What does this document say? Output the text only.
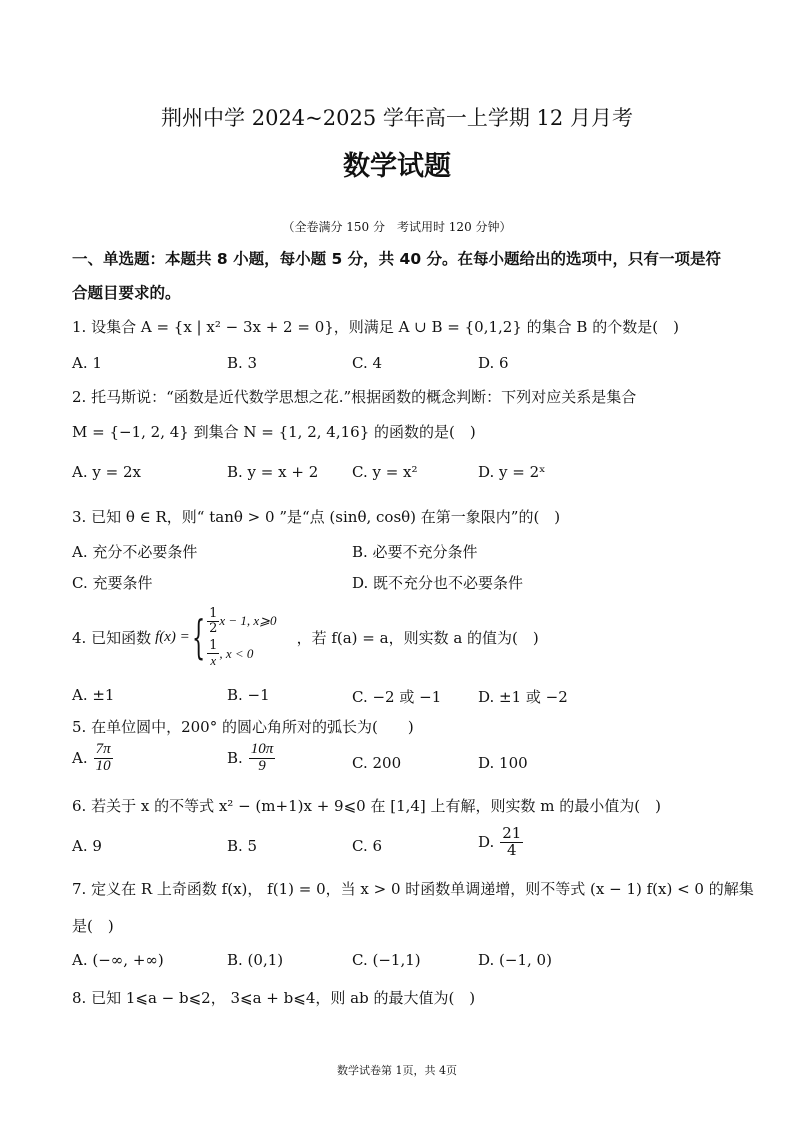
荆州中学 2024~2025 学年高一上学期 12 月月考
数学试题
（全卷满分 150 分　考试用时 120 分钟）
一、单选题：本题共 8 小题，每小题 5 分，共 40 分。在每小题给出的选项中，只有一项是符
合题目要求的。
1. 设集合 A = {x | x² − 3x + 2 = 0}，则满足 A ∪ B = {0,1,2} 的集合 B 的个数是(　)
A. 1	B. 3	C. 4	D. 6
2. 托马斯说：“函数是近代数学思想之花.”根据函数的概念判断：下列对应关系是集合
M = {−1, 2, 4} 到集合 N = {1, 2, 4,16} 的函数的是(　)
A. y = 2x	B. y = x + 2 C. y = x²	D. y = 2ˣ
3. 已知 θ ∈ R，则“ tanθ > 0 ”是“点 (sinθ, cosθ) 在第一象限内”的(　)
A. 充分不必要条件	B. 必要不充分条件
C. 充要条件	D. 既不充分也不必要条件
4. 已知函数 f(x) = { $\frac{1}{2}$ x − 1, x⩾0
$\frac{1}{x}$ , x < 0
，若 f(a) = a，则实数 a 的值为(　)
A. ±1	B. −1	C. −2 或 −1 D. ±1 或 −2
5. 在单位圆中，200° 的圆心角所对的弧长为(　　)
A. $\frac{7\pi}{10}$	B. $\frac{10\pi}{9}$	C. 200	D. 100
6. 若关于 x 的不等式 x² − (m+1)x + 9⩽0 在 [1,4] 上有解，则实数 m 的最小值为(　)
A. 9	B. 5	C. 6	D. $\frac{21}{4}$
7. 定义在 R 上奇函数 f(x)， f(1) = 0，当 x > 0 时函数单调递增，则不等式 (x − 1) f(x) < 0 的解集
是(　)
A. (−∞, +∞)	B. (0,1)	C. (−1,1)	D. (−1, 0)
8. 已知 1⩽a − b⩽2， 3⩽a + b⩽4，则 ab 的最大值为(　)
数学试卷第 1页，共 4页
